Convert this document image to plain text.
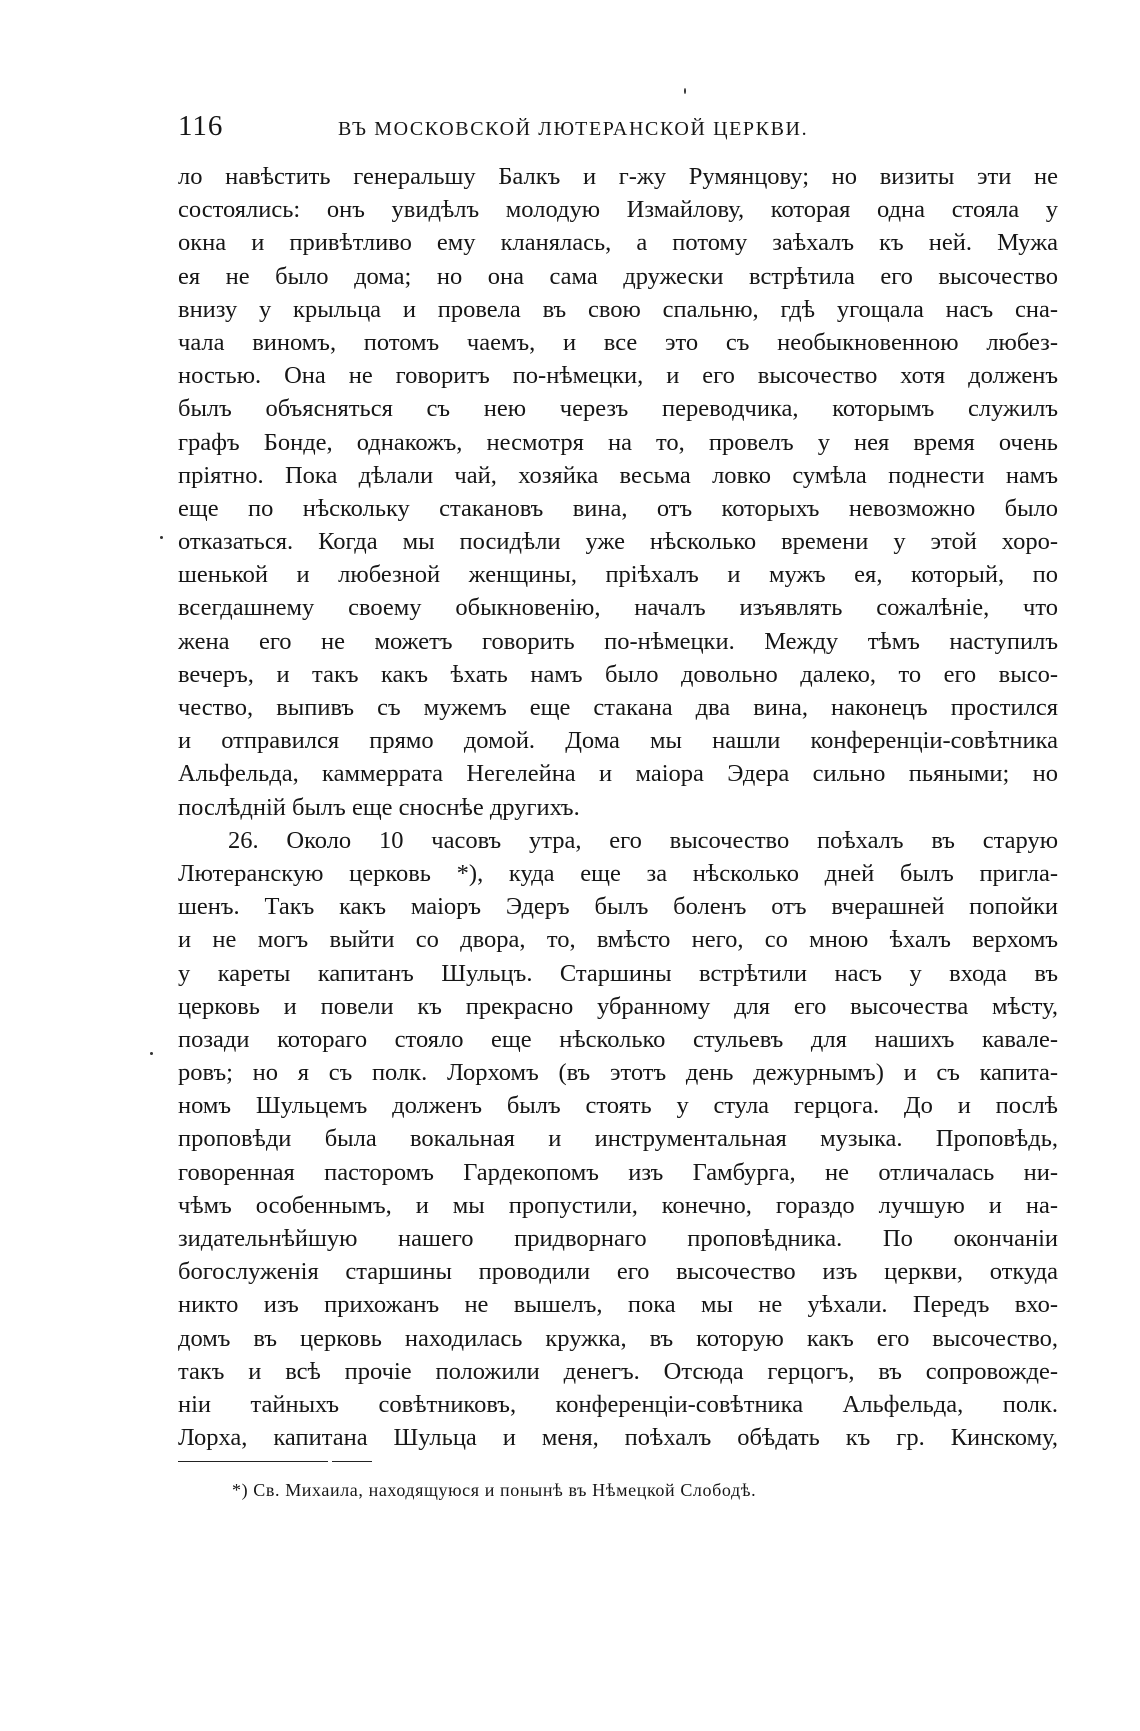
116	ВЪ МОСКОВСКОЙ ЛЮТЕРАНСКОЙ ЦЕРКВИ.
ло навѣстить генеральшу Балкъ и г-жу Румянцову; но визиты эти не
состоялись: онъ увидѣлъ молодую Измайлову, которая одна стояла у
окна и привѣтливо ему кланялась, а потому заѣхалъ къ ней. Мужа
ея не было дома; но она сама дружески встрѣтила его высочество
внизу у крыльца и провела въ свою спальню, гдѣ угощала насъ сна-
чала виномъ, потомъ чаемъ, и все это съ необыкновенною любез-
ностью. Она не говоритъ по-нѣмецки, и его высочество хотя долженъ
былъ объясняться съ нею черезъ переводчика, которымъ служилъ
графъ Бонде, однакожъ, несмотря на то, провелъ у нея время очень
пріятно. Пока дѣлали чай, хозяйка весьма ловко сумѣла поднести намъ
еще по нѣскольку стакановъ вина, отъ которыхъ невозможно было
отказаться. Когда мы посидѣли уже нѣсколько времени у этой хоро-
шенькой и любезной женщины, пріѣхалъ и мужъ ея, который, по
всегдашнему своему обыкновенію, началъ изъявлять сожалѣніе, что
жена его не можетъ говорить по-нѣмецки. Между тѣмъ наступилъ
вечеръ, и такъ какъ ѣхать намъ было довольно далеко, то его высо-
чество, выпивъ съ мужемъ еще стакана два вина, наконецъ простился
и отправился прямо домой. Дома мы нашли конференціи-совѣтника
Альфельда, каммеррата Негелейна и маіора Эдера сильно пьяными; но
послѣдній былъ еще сноснѣе другихъ.
26. Около 10 часовъ утра, его высочество поѣхалъ въ старую
Лютеранскую церковь *), куда еще за нѣсколько дней былъ пригла-
шенъ. Такъ какъ маіоръ Эдеръ былъ боленъ отъ вчерашней попойки
и не могъ выйти со двора, то, вмѣсто него, со мною ѣхалъ верхомъ
у кареты капитанъ Шульцъ. Старшины встрѣтили насъ у входа въ
церковь и повели къ прекрасно убранному для его высочества мѣсту,
позади котораго стояло еще нѣсколько стульевъ для нашихъ кавале-
ровъ; но я съ полк. Лорхомъ (въ этотъ день дежурнымъ) и съ капита-
номъ Шульцемъ долженъ былъ стоять у стула герцога. До и послѣ
проповѣди была вокальная и инструментальная музыка. Проповѣдь,
говоренная пасторомъ Гардекопомъ изъ Гамбурга, не отличалась ни-
чѣмъ особеннымъ, и мы пропустили, конечно, гораздо лучшую и на-
зидательнѣйшую нашего придворнаго проповѣдника. По окончаніи
богослуженія старшины проводили его высочество изъ церкви, откуда
никто изъ прихожанъ не вышелъ, пока мы не уѣхали. Передъ вхо-
домъ въ церковь находилась кружка, въ которую какъ его высочество,
такъ и всѣ прочіе положили денегъ. Отсюда герцогъ, въ сопровожде-
ніи тайныхъ совѣтниковъ, конференціи-совѣтника Альфельда, полк.
Лорха, капитана Шульца и меня, поѣхалъ обѣдать къ гр. Кинскому,
*) Св. Михаила, находящуюся и понынѣ въ Нѣмецкой Слободѣ.
